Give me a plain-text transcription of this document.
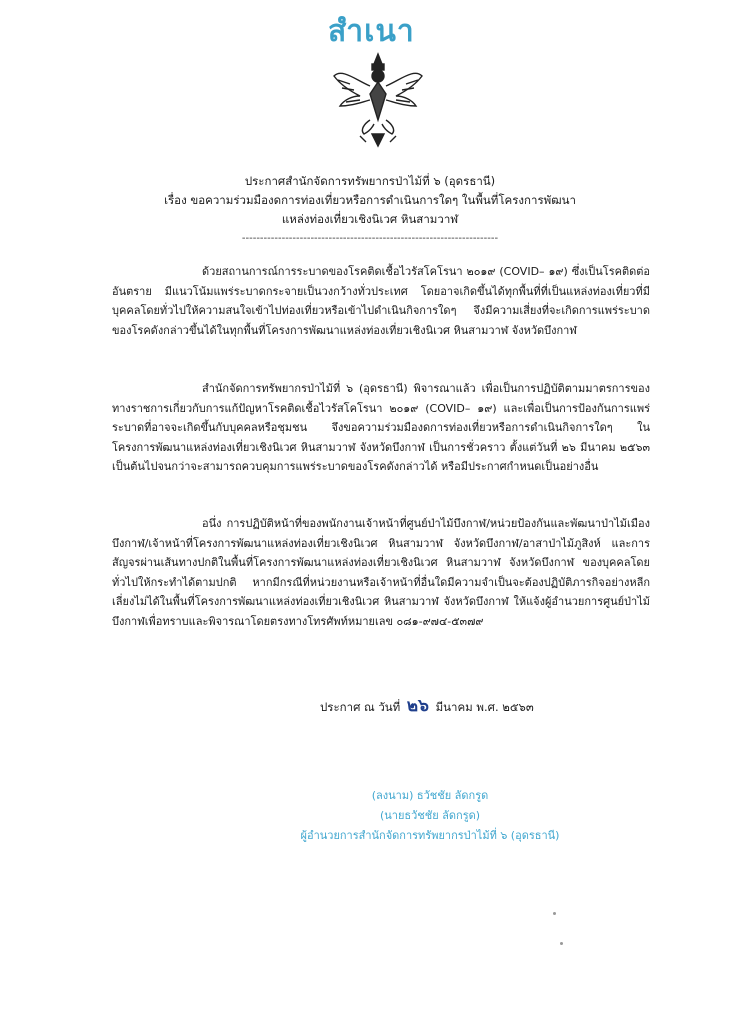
สำเนา
ประกาศสำนักจัดการทรัพยากรป่าไม้ที่ ๖ (อุดรธานี)
เรื่อง ขอความร่วมมืองดการท่องเที่ยวหรือการดำเนินการใดๆ ในพื้นที่โครงการพัฒนา
แหล่งท่องเที่ยวเชิงนิเวศ หินสามวาฬ
-----------------------------------------------------------------------

ด้วยสถานการณ์การระบาดของโรคติดเชื้อไวรัสโคโรนา ๒๐๑๙ (COVID– ๑๙) ซึ่งเป็นโรคติดต่ออันตราย มีแนวโน้มแพร่ระบาดกระจายเป็นวงกว้างทั่วประเทศ โดยอาจเกิดขึ้นได้ทุกพื้นที่ที่เป็นแหล่งท่องเที่ยวที่มีบุคคลโดยทั่วไปให้ความสนใจเข้าไปท่องเที่ยวหรือเข้าไปดำเนินกิจการใดๆ จึงมีความเสี่ยงที่จะเกิดการแพร่ระบาดของโรคดังกล่าวขึ้นได้ในทุกพื้นที่โครงการพัฒนาแหล่งท่องเที่ยวเชิงนิเวศ หินสามวาฬ จังหวัดบึงกาฬ

สำนักจัดการทรัพยากรป่าไม้ที่ ๖ (อุดรธานี) พิจารณาแล้ว เพื่อเป็นการปฏิบัติตามมาตรการของทางราชการเกี่ยวกับการแก้ปัญหาโรคติดเชื้อไวรัสโคโรนา ๒๐๑๙ (COVID– ๑๙) และเพื่อเป็นการป้องกันการแพร่ระบาดที่อาจจะเกิดขึ้นกับบุคคลหรือชุมชน จึงขอความร่วมมืองดการท่องเที่ยวหรือการดำเนินกิจการใดๆ ในโครงการพัฒนาแหล่งท่องเที่ยวเชิงนิเวศ หินสามวาฬ จังหวัดบึงกาฬ เป็นการชั่วคราว ตั้งแต่วันที่ ๒๖ มีนาคม ๒๕๖๓ เป็นต้นไปจนกว่าจะสามารถควบคุมการแพร่ระบาดของโรคดังกล่าวได้ หรือมีประกาศกำหนดเป็นอย่างอื่น

อนึ่ง การปฏิบัติหน้าที่ของพนักงานเจ้าหน้าที่ศูนย์ป่าไม้บึงกาฬ/หน่วยป้องกันและพัฒนาป่าไม้เมืองบึงกาฬ/เจ้าหน้าที่โครงการพัฒนาแหล่งท่องเที่ยวเชิงนิเวศ หินสามวาฬ จังหวัดบึงกาฬ/อาสาป่าไม้ภูสิงห์ และการสัญจรผ่านเส้นทางปกติในพื้นที่โครงการพัฒนาแหล่งท่องเที่ยวเชิงนิเวศ หินสามวาฬ จังหวัดบึงกาฬ ของบุคคลโดยทั่วไปให้กระทำได้ตามปกติ หากมีกรณีที่หน่วยงานหรือเจ้าหน้าที่อื่นใดมีความจำเป็นจะต้องปฏิบัติภารกิจอย่างหลีกเลี่ยงไม่ได้ในพื้นที่โครงการพัฒนาแหล่งท่องเที่ยวเชิงนิเวศ หินสามวาฬ จังหวัดบึงกาฬ ให้แจ้งผู้อำนวยการศูนย์ป่าไม้บึงกาฬเพื่อทราบและพิจารณาโดยตรงทางโทรศัพท์หมายเลข ๐๘๑-๙๗๔-๕๓๗๙

ประกาศ ณ วันที่ ๒๖ มีนาคม พ.ศ. ๒๕๖๓
(ลงนาม) ธวัชชัย ลัดกรูด
(นายธวัชชัย ลัดกรูด)
ผู้อำนวยการสำนักจัดการทรัพยากรป่าไม้ที่ ๖ (อุดรธานี)
